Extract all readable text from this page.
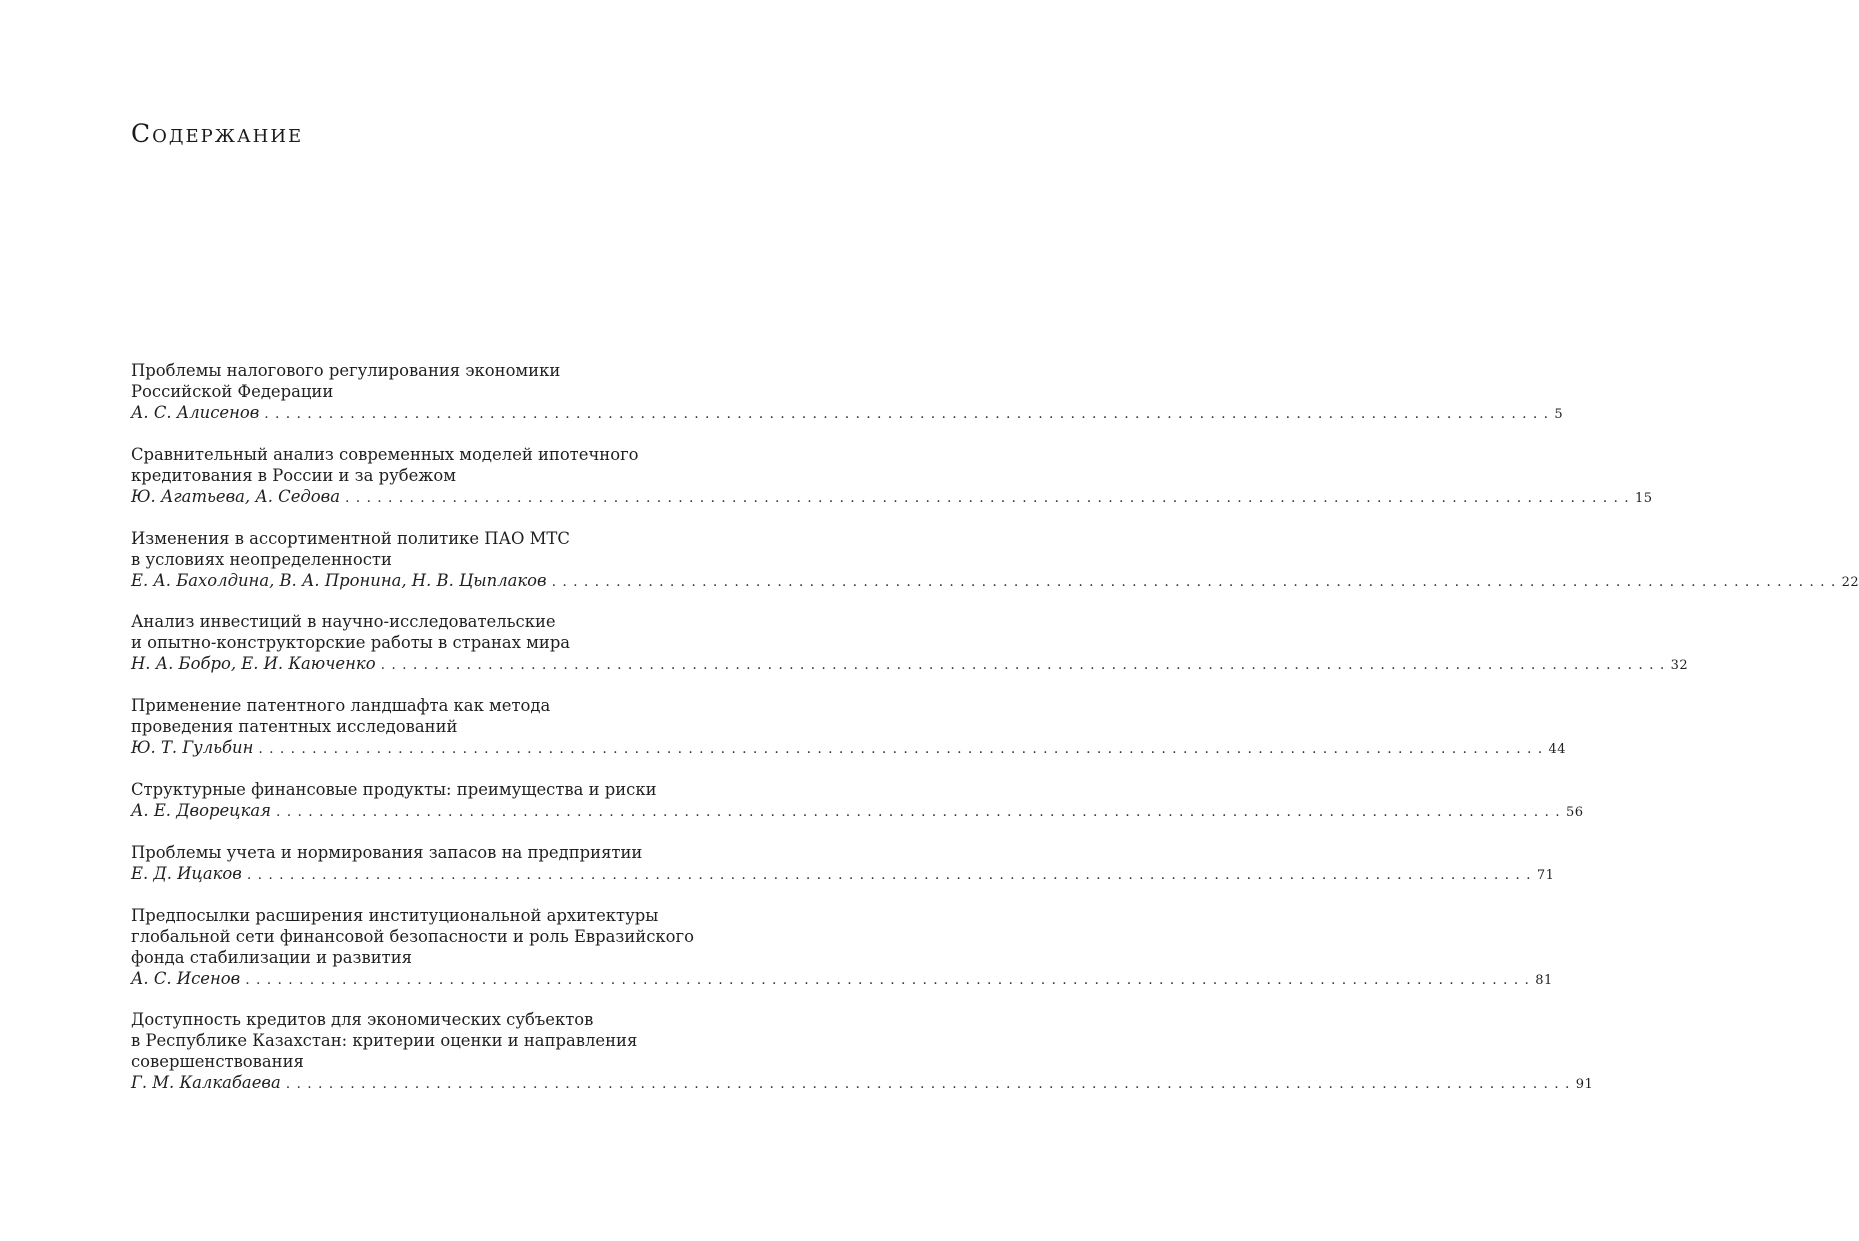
Содержание
Проблемы налогового регулирования экономики
Российской Федерации
А. С. Алисенов ........................................................................................................................ 5
Сравнительный анализ современных моделей ипотечного
кредитования в России и за рубежом
Ю. Агатьева, А. Седова ........................................................................................................................ 15
Изменения в ассортиментной политике ПАО МТС
в условиях неопределенности
Е. А. Бахолдина, В. А. Пронина, Н. В. Цыплаков ........................................................................................................................ 22
Анализ инвестиций в научно-исследовательские
и опытно-конструкторские работы в странах мира
Н. А. Бобро, Е. И. Каюченко ........................................................................................................................ 32
Применение патентного ландшафта как метода
проведения патентных исследований
Ю. Т. Гульбин ........................................................................................................................ 44
Структурные финансовые продукты: преимущества и риски
А. Е. Дворецкая ........................................................................................................................ 56
Проблемы учета и нормирования запасов на предприятии
Е. Д. Ицаков ........................................................................................................................ 71
Предпосылки расширения институциональной архитектуры
глобальной сети финансовой безопасности и роль Евразийского
фонда стабилизации и развития
А. С. Исенов ........................................................................................................................ 81
Доступность кредитов для экономических субъектов
в Республике Казахстан: критерии оценки и направления
совершенствования
Г. М. Калкабаева ........................................................................................................................ 91
